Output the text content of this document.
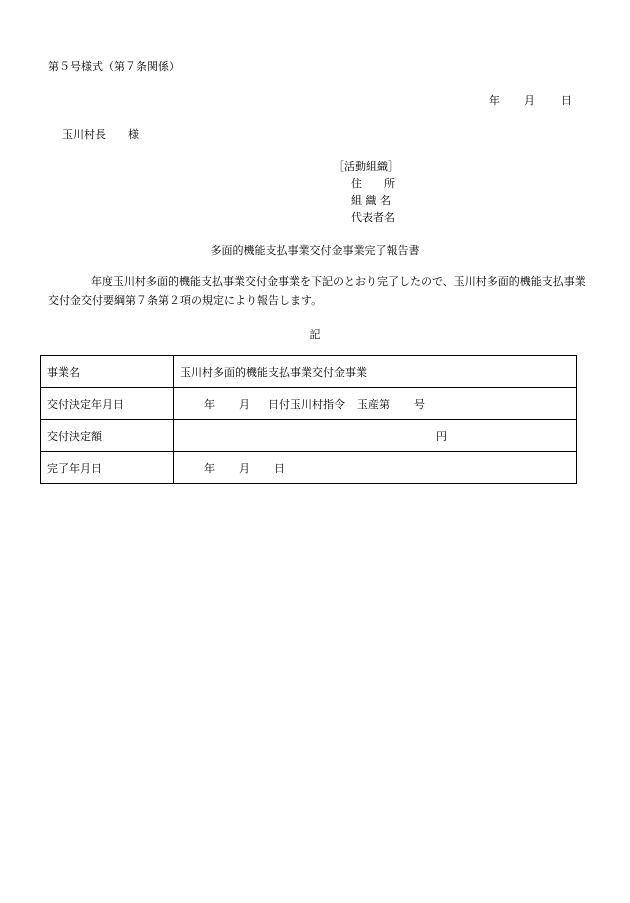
第５号様式（第７条関係）
年 月 日
玉川村長 様
［活動組織］
住　　所
組 織 名
代表者名
多面的機能支払事業交付金事業完了報告書
年度玉川村多面的機能支払事業交付金事業を下記のとおり完了したので、玉川村多面的機能支払事業交付金交付要綱第７条第２項の規定により報告します。
記
事業名	玉川村多面的機能支払事業交付金事業
交付決定年月日	年 月 日付玉川村指令 玉産第 号
交付決定額	円
完了年月日	年 月 日
